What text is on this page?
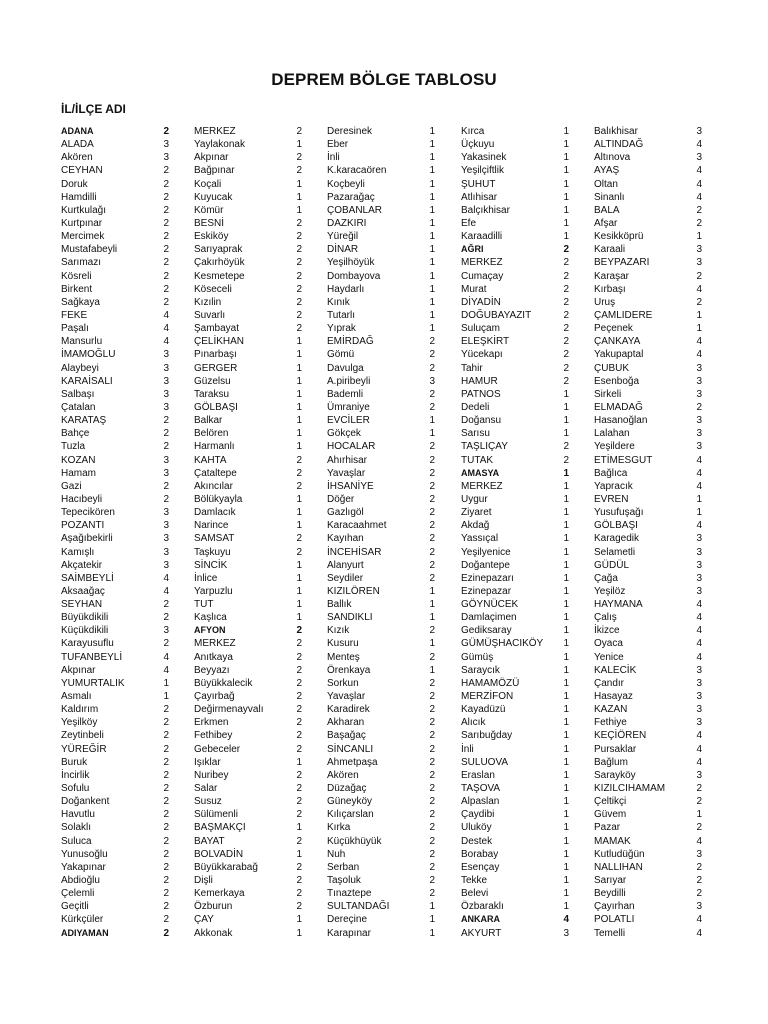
DEPREM BÖLGE TABLOSU
İL/İLÇE ADI
ADANA	2
ALADA	3
Akören	3
CEYHAN	2
Doruk	2
Hamdilli	2
Kurtkulağı	2
Kurtpınar	2
Mercimek	2
Mustafabeyli	2
Sarımazı	2
Kösreli	2
Birkent	2
Sağkaya	2
FEKE	4
Paşalı	4
Mansurlu	4
İMAMOĞLU	3
Alaybeyi	3
KARAİSALI	3
Salbaşı	3
Çatalan	3
KARATAŞ	2
Bahçe	2
Tuzla	2
KOZAN	3
Hamam	3
Gazi	2
Hacıbeyli	2
Tepecikören	3
POZANTI	3
Aşağıbekirli	3
Kamışlı	3
Akçatekir	3
SAİMBEYLİ	4
Aksaağaç	4
SEYHAN	2
Büyükdikili	2
Küçükdikili	3
Karayusuflu	2
TUFANBEYLİ	4
Akpınar	4
YUMURTALIK	1
Asmalı	1
Kaldırım	2
Yeşilköy	2
Zeytinbeli	2
YÜREĞİR	2
Buruk	2
İncirlik	2
Sofulu	2
Doğankent	2
Havutlu	2
Solaklı	2
Suluca	2
Yunusoğlu	2
Yakapınar	2
Abdioğlu	2
Çelemli	2
Geçitli	2
Kürkçüler	2
ADIYAMAN	2
MERKEZ	2
Yaylakonak	1
Akpınar	2
Bağpınar	2
Koçali	1
Kuyucak	1
Kömür	1
BESNİ	2
Eskiköy	2
Sarıyaprak	2
Çakırhöyük	2
Kesmetepe	2
Köseceli	2
Kızılin	2
Suvarlı	2
Şambayat	2
ÇELİKHAN	1
Pınarbaşı	1
GERGER	1
Güzelsu	1
Taraksu	1
GÖLBAŞI	1
Balkar	1
Belören	1
Harmanlı	1
KAHTA	2
Çataltepe	2
Akıncılar	2
Bölükyayla	1
Damlacık	1
Narince	1
SAMSAT	2
Taşkuyu	2
SİNCİK	1
İnlice	1
Yarpuzlu	1
TUT	1
Kaşlıca	1
AFYON	2
MERKEZ	2
Anıtkaya	2
Beyyazı	2
Büyükkalecik	2
Çayırbağ	2
Değirmenayvalı	2
Erkmen	2
Fethibey	2
Gebeceler	2
Işıklar	1
Nuribey	2
Salar	2
Susuz	2
Sülümenli	2
BAŞMAKÇI	1
BAYAT	2
BOLVADİN	1
Büyükkarabağ	2
Dişli	2
Kemerkaya	2
Özburun	2
ÇAY	1
Akkonak	1
Deresinek	1
Eber	1
İnli	1
K.karacaören	1
Koçbeyli	1
Pazarağaç	1
ÇOBANLAR	1
DAZKIRI	1
Yüreğil	1
DİNAR	1
Yeşilhöyük	1
Dombayova	1
Haydarlı	1
Kınık	1
Tutarlı	1
Yıprak	1
EMİRDAĞ	2
Gömü	2
Davulga	2
A.piribeyli	3
Bademli	2
Ümraniye	2
EVCİLER	1
Gökçek	1
HOCALAR	2
Ahırhisar	2
Yavaşlar	2
İHSANİYE	2
Döğer	2
Gazlıgöl	2
Karacaahmet	2
Kayıhan	2
İNCEHİSAR	2
Alanyurt	2
Seydiler	2
KIZILÖREN	1
Ballık	1
SANDIKLI	1
Kızık	2
Kusuru	1
Menteş	2
Örenkaya	1
Sorkun	2
Yavaşlar	2
Karadirek	2
Akharan	2
Başağaç	2
SİNCANLI	2
Ahmetpaşa	2
Akören	2
Düzağaç	2
Güneyköy	2
Kılıçarslan	2
Kırka	2
Küçükhüyük	2
Nuh	2
Serban	2
Taşoluk	2
Tınaztepe	2
SULTANDAĞI	1
Dereçine	1
Karapınar	1
Kırca	1
Üçkuyu	1
Yakasinek	1
Yeşilçiftlik	1
ŞUHUT	1
Atlıhisar	1
Balçıkhisar	1
Efe	1
Karaadilli	1
AĞRI	2
MERKEZ	2
Cumaçay	2
Murat	2
DİYADİN	2
DOĞUBAYAZIT	2
Suluçam	2
ELEŞKİRT	2
Yücekapı	2
Tahir	2
HAMUR	2
PATNOS	1
Dedeli	1
Doğansu	1
Sarısu	1
TAŞLIÇAY	2
TUTAK	2
AMASYA	1
MERKEZ	1
Uygur	1
Ziyaret	1
Akdağ	1
Yassıçal	1
Yeşilyenice	1
Doğantepe	1
Ezinepazarı	1
Ezinepazar	1
GÖYNÜCEK	1
Damlaçimen	1
Gediksaray	1
GÜMÜŞHACIKÖY	1
Gümüş	1
Saraycık	1
HAMAMÖZÜ	1
MERZİFON	1
Kayadüzü	1
Alıcık	1
Sarıbuğday	1
İnli	1
SULUOVA	1
Eraslan	1
TAŞOVA	1
Alpaslan	1
Çaydibi	1
Uluköy	1
Destek	1
Borabay	1
Esençay	1
Tekke	1
Belevi	1
Özbaraklı	1
ANKARA	4
AKYURT	3
Balıkhisar	3
ALTINDAĞ	4
Altınova	3
AYAŞ	4
Oltan	4
Sinanlı	4
BALA	2
Afşar	2
Kesikköprü	1
Karaali	3
BEYPAZARI	3
Karaşar	2
Kırbaşı	4
Uruş	2
ÇAMLIDERE	1
Peçenek	1
ÇANKAYA	4
Yakupaptal	4
ÇUBUK	3
Esenboğa	3
Sirkeli	3
ELMADAĞ	2
Hasanoğlan	3
Lalahan	3
Yeşildere	3
ETİMESGUT	4
Bağlıca	4
Yapracık	4
EVREN	1
Yusufuşağı	1
GÖLBAŞI	4
Karagedik	3
Selametli	3
GÜDÜL	3
Çağa	3
Yeşilöz	3
HAYMANA	4
Çalış	4
İkizce	4
Oyaca	4
Yenice	4
KALECİK	3
Çandır	3
Hasayaz	3
KAZAN	3
Fethiye	3
KEÇİÖREN	4
Pursaklar	4
Bağlum	4
Sarayköy	3
KIZILCIHAMAM	2
Çeltikçi	2
Güvem	1
Pazar	2
MAMAK	4
Kutludüğün	3
NALLIHAN	2
Sarıyar	2
Beydilli	2
Çayırhan	3
POLATLI	4
Temelli	4
